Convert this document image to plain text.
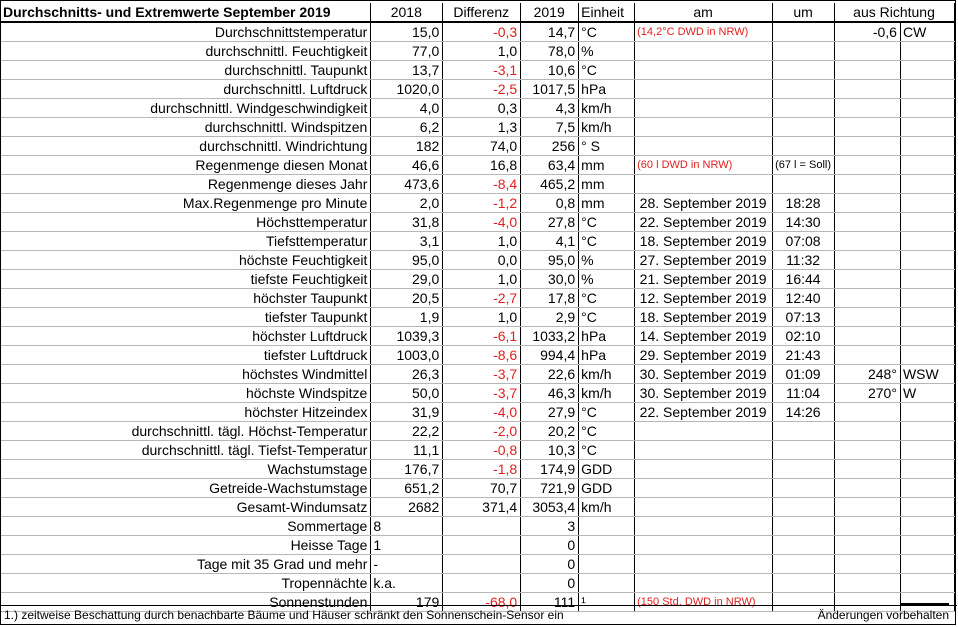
Durchschnitts- und Extremwerte September 2019	2018	Differenz	2019	Einheit	am	um	aus Richtung	
Durchschnittstemperatur	15,0	-0,3	14,7	°C	(14,2°C DWD in NRW)		-0,6	CW
durchschnittl. Feuchtigkeit	77,0	1,0	78,0	%				
durchschnittl. Taupunkt	13,7	-3,1	10,6	°C				
durchschnittl. Luftdruck	1020,0	-2,5	1017,5	hPa				
durchschnittl. Windgeschwindigkeit	4,0	0,3	4,3	km/h				
durchschnittl. Windspitzen	6,2	1,3	7,5	km/h				
durchschnittl. Windrichtung	182	74,0	256	° S				
Regenmenge diesen Monat	46,6	16,8	63,4	mm	(60 l DWD in NRW)	(67 l = Soll)		
Regenmenge dieses Jahr	473,6	-8,4	465,2	mm				
Max.Regenmenge pro Minute	2,0	-1,2	0,8	mm	28. September 2019	18:28		
Höchsttemperatur	31,8	-4,0	27,8	°C	22. September 2019	14:30		
Tiefsttemperatur	3,1	1,0	4,1	°C	18. September 2019	07:08		
höchste Feuchtigkeit	95,0	0,0	95,0	%	27. September 2019	11:32		
tiefste Feuchtigkeit	29,0	1,0	30,0	%	21. September 2019	16:44		
höchster Taupunkt	20,5	-2,7	17,8	°C	12. September 2019	12:40		
tiefster Taupunkt	1,9	1,0	2,9	°C	18. September 2019	07:13		
höchster Luftdruck	1039,3	-6,1	1033,2	hPa	14. September 2019	02:10		
tiefster Luftdruck	1003,0	-8,6	994,4	hPa	29. September 2019	21:43		
höchstes Windmittel	26,3	-3,7	22,6	km/h	30. September 2019	01:09	248°	WSW
höchste Windspitze	50,0	-3,7	46,3	km/h	30. September 2019	11:04	270°	W
höchster Hitzeindex	31,9	-4,0	27,9	°C	22. September 2019	14:26		
durchschnittl. tägl. Höchst-Temperatur	22,2	-2,0	20,2	°C				
durchschnittl. tägl. Tiefst-Temperatur	11,1	-0,8	10,3	°C				
Wachstumstage	176,7	-1,8	174,9	GDD				
Getreide-Wachstumstage	651,2	70,7	721,9	GDD				
Gesamt-Windumsatz	2682	371,4	3053,4	km/h				
Sommertage	8		3					
Heisse Tage	1		0					
Tage mit 35 Grad und mehr	-		0					
Tropennächte	k.a.		0					
Sonnenstunden	179	-68,0	111	¹	(150 Std. DWD in NRW)			
1.) zeitweise Beschattung durch benachbarte Bäume und Häuser schränkt den Sonnenschein-Sensor ein	Änderungen vorbehalten
